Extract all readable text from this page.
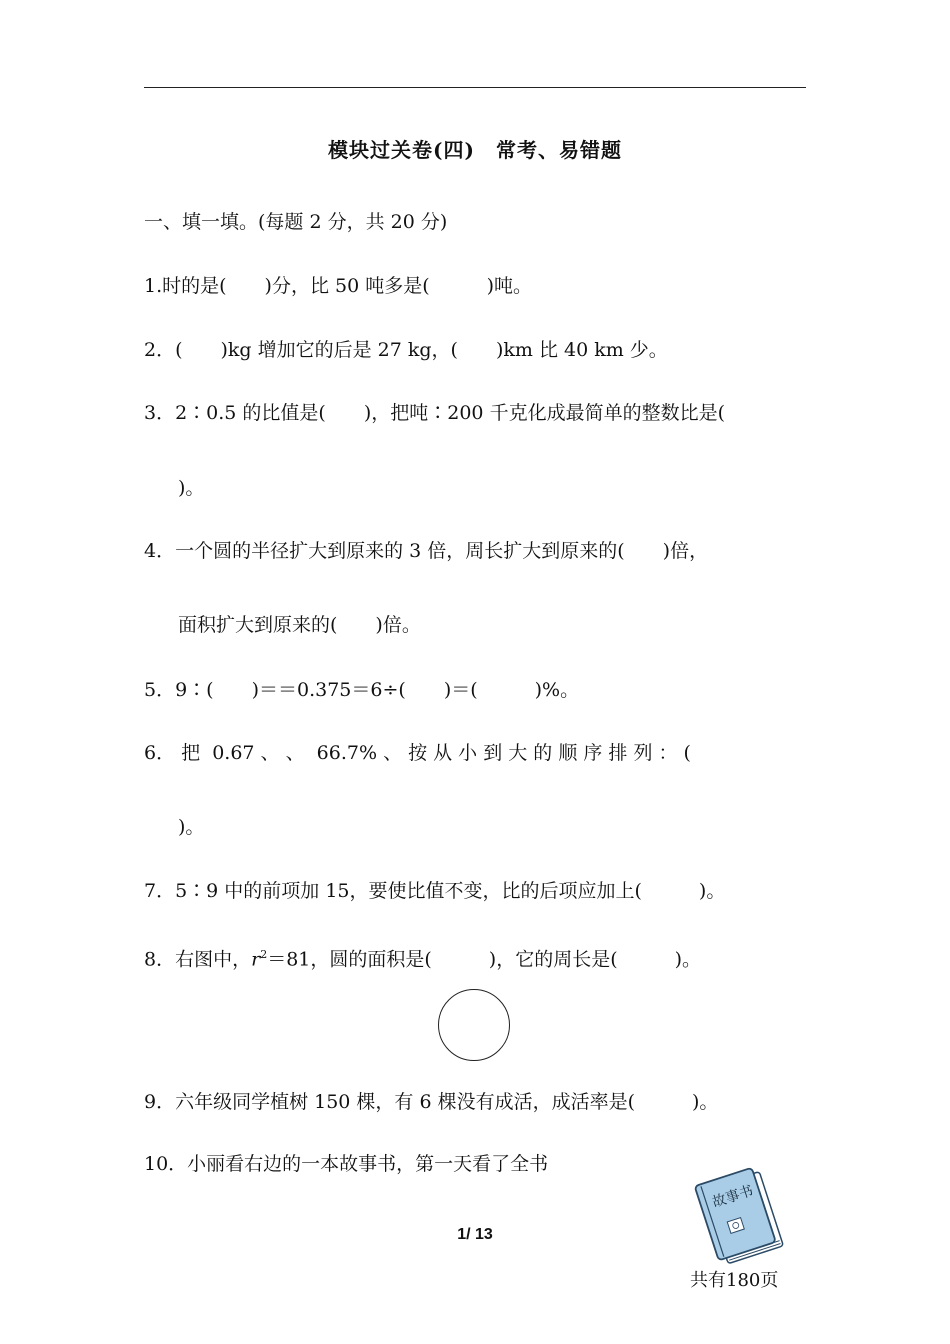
模块过关卷(四)　常考、易错题
一、填一填。(每题 2 分，共 20 分)
1.时的是(　　)分，比 50 吨多是(　　　)吨。
2．(　　)kg 增加它的后是 27 kg，(　　)km 比 40 km 少。
3．2∶0.5 的比值是(　　)，把吨∶200 千克化成最简单的整数比是(
)。
4．一个圆的半径扩大到原来的 3 倍，周长扩大到原来的(　　)倍，
面积扩大到原来的(　　)倍。
5．9∶(　　)＝＝0.375＝6÷(　　)＝(　　　)%。
6． 把  0.67 、 、  66.7% 、 按 从 小 到 大 的 顺 序 排 列 ： (
)。
7．5∶9 中的前项加 15，要使比值不变，比的后项应加上(　　　)。
8．右图中，$r^2=81$，圆的面积是(　　　)，它的周长是(　　　)。
9．六年级同学植树 150 棵，有 6 棵没有成活，成活率是(　　　)。
10．小丽看右边的一本故事书，第一天看了全书
故事书
共有180页
1/ 13
